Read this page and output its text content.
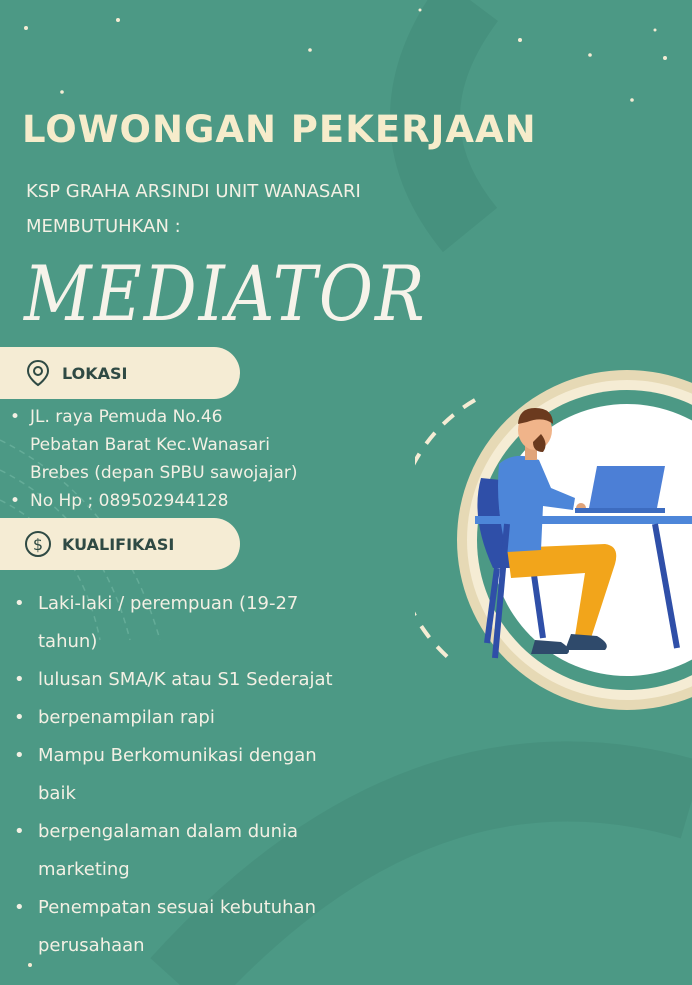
LOWONGAN PEKERJAAN
KSP GRAHA ARSINDI UNIT WANASARI
MEMBUTUHKAN :
MEDIATOR
LOKASI
• JL. raya Pemuda No.46
Pebatan Barat Kec.Wanasari
Brebes (depan SPBU sawojajar)
• No Hp ; 089502944128
$ KUALIFIKASI
• Laki-laki / perempuan (19-27
tahun)
• lulusan SMA/K atau S1 Sederajat
• berpenampilan rapi
• Mampu Berkomunikasi dengan
baik
• berpengalaman dalam dunia
marketing
• Penempatan sesuai kebutuhan
perusahaan
